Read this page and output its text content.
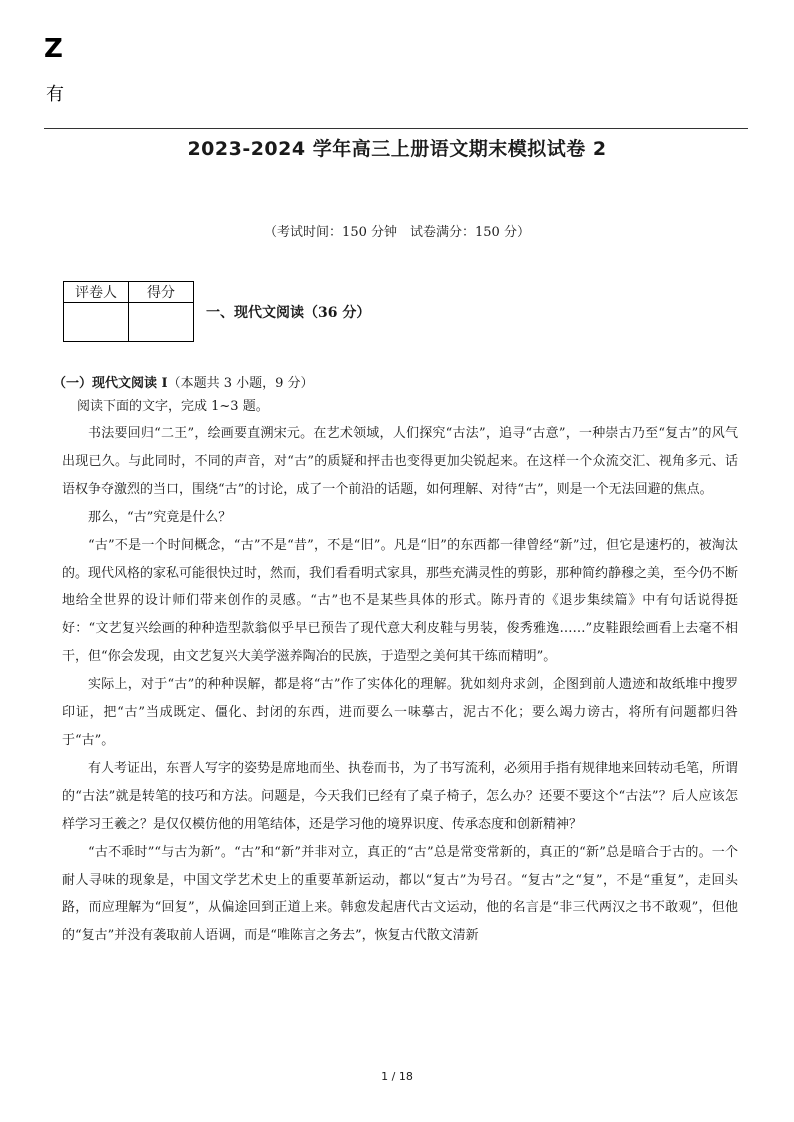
Z
有
2023-2024 学年高三上册语文期末模拟试卷 2
（考试时间：150 分钟　试卷满分：150 分）
评卷人	得分

一、现代文阅读（36 分）
（一）现代文阅读 I（本题共 3 小题，9 分）
阅读下面的文字，完成 1~3 题。

书法要回归“二王”，绘画要直溯宋元。在艺术领域，人们探究“古法”，追寻“古意”，一种崇古乃至“复古”的风气出现已久。与此同时，不同的声音，对“古”的质疑和抨击也变得更加尖锐起来。在这样一个众流交汇、视角多元、话语权争夺激烈的当口，围绕“古”的讨论，成了一个前沿的话题，如何理解、对待“古”，则是一个无法回避的焦点。

那么，“古”究竟是什么？

“古”不是一个时间概念，“古”不是“昔”，不是“旧”。凡是“旧”的东西都一律曾经“新”过，但它是速朽的，被淘汰的。现代风格的家私可能很快过时，然而，我们看看明式家具，那些充满灵性的剪影，那种简约静穆之美，至今仍不断地给全世界的设计师们带来创作的灵感。“古”也不是某些具体的形式。陈丹青的《退步集续篇》中有句话说得挺好：“文艺复兴绘画的种种造型款翁似乎早已预告了现代意大利皮鞋与男装，俊秀雅逸……”皮鞋跟绘画看上去毫不相干，但“你会发现，由文艺复兴大美学滋养陶冶的民族，于造型之美何其干练而精明”。

实际上，对于“古”的种种误解，都是将“古”作了实体化的理解。犹如刻舟求剑，企图到前人遗迹和故纸堆中搜罗印证，把“古”当成既定、僵化、封闭的东西，进而要么一味摹古，泥古不化；要么竭力谤古，将所有问题都归咎于“古”。

有人考证出，东晋人写字的姿势是席地而坐、执卷而书，为了书写流利，必须用手指有规律地来回转动毛笔，所谓的“古法”就是转笔的技巧和方法。问题是，今天我们已经有了桌子椅子，怎么办？还要不要这个“古法”？后人应该怎样学习王羲之？是仅仅模仿他的用笔结体，还是学习他的境界识度、传承态度和创新精神？

“古不乖时”“与古为新”。“古”和“新”并非对立，真正的“古”总是常变常新的，真正的“新”总是暗合于古的。一个耐人寻味的现象是，中国文学艺术史上的重要革新运动，都以“复古”为号召。“复古”之“复”，不是“重复”，走回头路，而应理解为“回复”，从偏途回到正道上来。韩愈发起唐代古文运动，他的名言是“非三代两汉之书不敢观”，但他的“复古”并没有袭取前人语调，而是“唯陈言之务去”，恢复古代散文清新

1 / 18
